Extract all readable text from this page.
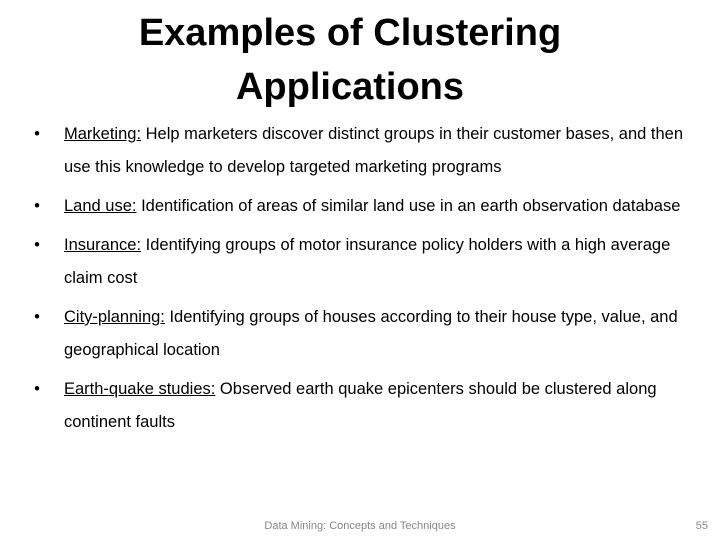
Examples of Clustering
Applications
• Marketing: Help marketers discover distinct groups in their customer bases, and then use this knowledge to develop targeted marketing programs
• Land use: Identification of areas of similar land use in an earth observation database
• Insurance: Identifying groups of motor insurance policy holders with a high average claim cost
• City-planning: Identifying groups of houses according to their house type, value, and geographical location
• Earth-quake studies: Observed earth quake epicenters should be clustered along continent faults
Data Mining: Concepts and Techniques	55
